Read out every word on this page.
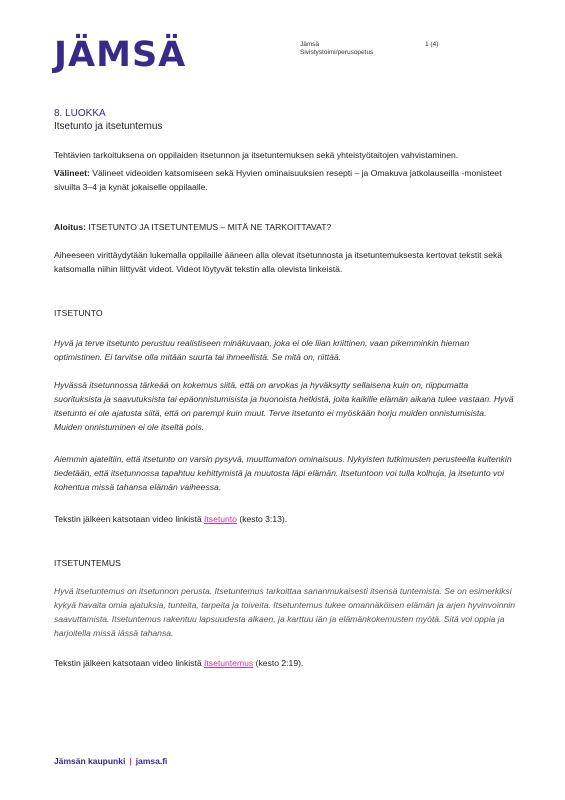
JÄMSÄ	Jämsä
Sivistystoimi/perusopetus
1 (4)
8. LUOKKA
Itsetunto ja itsetuntemus

Tehtävien tarkoituksena on oppilaiden itsetunnon ja itsetuntemuksen sekä yhteistyötaitojen vahvistaminen.

Välineet: Välineet videoiden katsomiseen sekä Hyvien ominaisuuksien resepti – ja Omakuva jatkolauseilla -monisteet sivuilta 3–4 ja kynät jokaiselle oppilaalle.

Aloitus: ITSETUNTO JA ITSETUNTEMUS – MITÄ NE TARKOITTAVAT?

Aiheeseen virittäydytään lukemalla oppilaille ääneen alla olevat itsetunnosta ja itsetuntemuksesta kertovat tekstit sekä katsomalla niihin liittyvät videot. Videot löytyvät tekstin alla olevista linkeistä.

ITSETUNTO

Hyvä ja terve itsetunto perustuu realistiseen minäkuvaan, joka ei ole liian kriittinen, vaan pikemminkin hieman optimistinen. Ei tarvitse olla mitään suurta tai ihmeellistä. Se mitä on, riittää.

Hyvässä itsetunnossa tärkeää on kokemus siitä, että on arvokas ja hyväksytty sellaisena kuin on, riippumatta suorituksista ja saavutuksista tai epäonnistumisista ja huonoista hetkistä, joita kaikille elämän aikana tulee vastaan. Hyvä itsetunto ei ole ajatusta siitä, että on parempi kuin muut. Terve itsetunto ei myöskään horju muiden onnistumisista. Muiden onnistuminen ei ole itseltä pois.

Aiemmin ajateltiin, että itsetunto on varsin pysyvä, muuttumaton ominaisuus. Nykyisten tutkimusten perusteella kuitenkin tiedetään, että itsetunnossa tapahtuu kehittymistä ja muutosta läpi elämän. Itsetuntoon voi tulla kolhuja, ja itsetunto voi kohentua missä tahansa elämän vaiheessa.

Tekstin jälkeen katsotaan video linkistä Itsetunto (kesto 3:13).

ITSETUNTEMUS

Hyvä itsetuntemus on itsetunnon perusta. Itsetuntemus tarkoittaa sananmukaisesti itsensä tuntemista. Se on esimerkiksi kykyä havaita omia ajatuksia, tunteita, tarpeita ja toiveita. Itsetuntemus tukee omannäköisen elämän ja arjen hyvinvoinnin saavuttamista. Itsetuntemus rakentuu lapsuudesta alkaen, ja karttuu iän ja elämänkokemusten myötä. Sitä voi oppia ja harjoitella missä iässä tahansa.

Tekstin jälkeen katsotaan video linkistä Itsetuntemus (kesto 2:19).

Jämsän kaupunki | jamsa.fi
